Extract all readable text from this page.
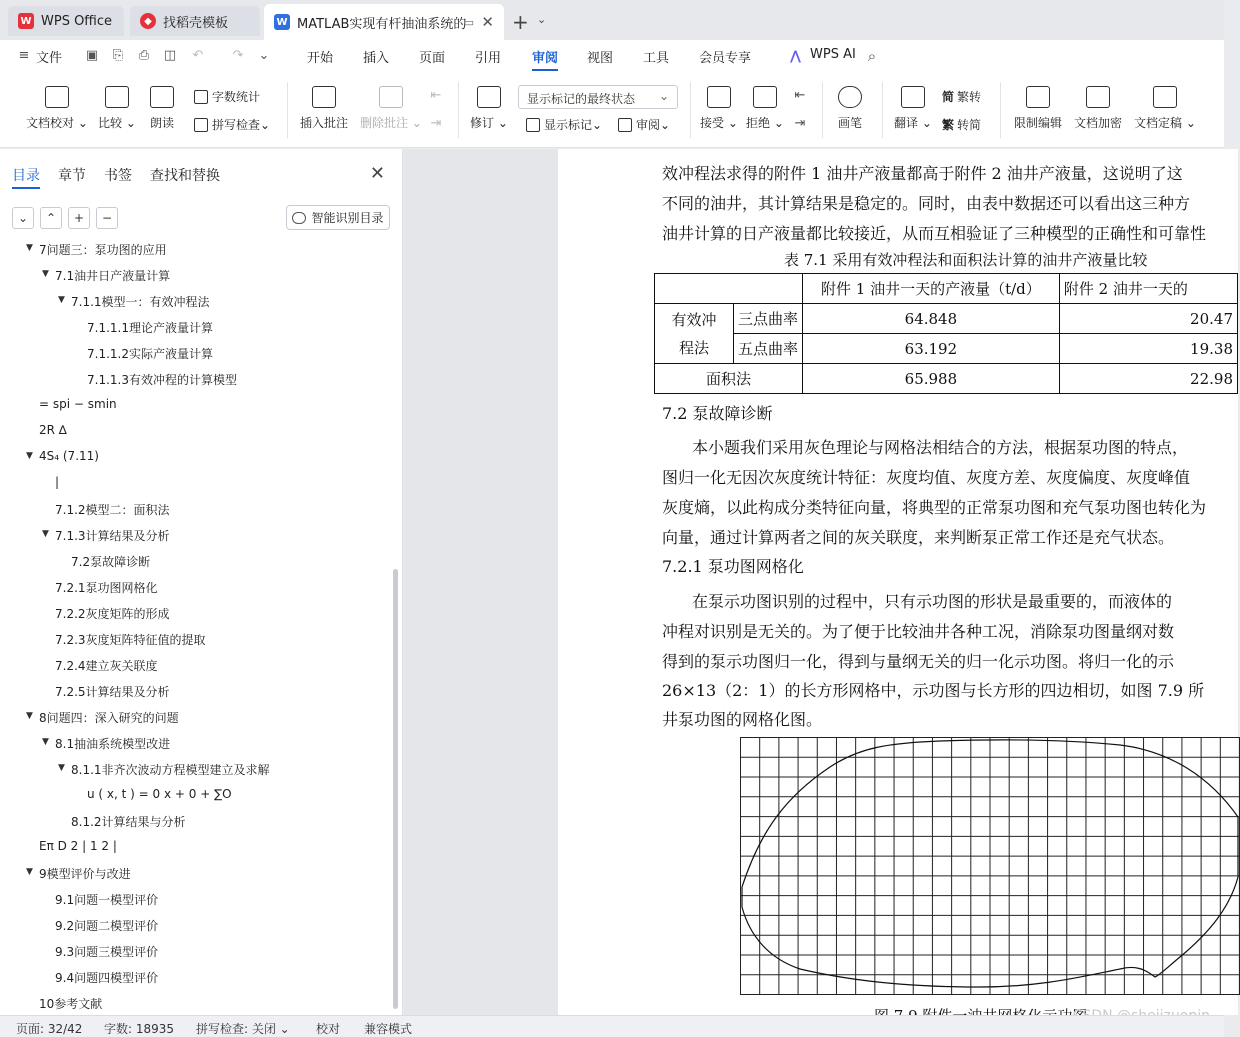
W WPS Office	◆ 找稻壳模板	W MATLAB实现有杆抽油系统的
▭ ✕ + ⌄
≡ 文件 ▣ ⎘ ⎙ ◫ ↶ ↷ ⌄	开始 插入 页面 引用 审阅 视图 工具 会员专享	⋀ WPS AI ⌕
文档校对 ⌄ 比较 ⌄ 朗读
字数统计
拼写检查 ⌄ 插入批注 删除批注 ⌄
⇤
⇥ 修订 ⌄
显示标记的最终状态 ⌄
显示标记 ⌄	审阅 ⌄ 接受 ⌄ 拒绝 ⌄
⇤
⇥	画笔	翻译 ⌄
简 繁转
繁 转简	限制编辑 文档加密 文档定稿 ⌄
目录 章节 书签 查找和替换	✕
⌄	⌃	+	−	智能识别目录
▼ 7问题三：泵功图的应用
▼ 7.1油井日产液量计算
▼ 7.1.1模型一：有效冲程法
7.1.1.1理论产液量计算
7.1.1.2实际产液量计算
7.1.1.3有效冲程的计算模型
= spi − smin
2R ∆
▼ 4S₄ (7.11)
|
7.1.2模型二：面积法
▼ 7.1.3计算结果及分析
7.2泵故障诊断
7.2.1泵功图网格化
7.2.2灰度矩阵的形成
7.2.3灰度矩阵特征值的提取
7.2.4建立灰关联度
7.2.5计算结果及分析
▼ 8问题四：深入研究的问题
▼ 8.1抽油系统模型改进
▼ 8.1.1非齐次波动方程模型建立及求解
u ( x, t ) = 0 x + 0 + ∑O
8.1.2计算结果与分析
Eπ D 2 | 1 2 |
▼ 9模型评价与改进
9.1问题一模型评价
9.2问题二模型评价
9.3问题三模型评价
9.4问题四模型评价
10参考文献
效冲程法求得的附件 1 油井产液量都高于附件 2 油井产液量，这说明了这
不同的油井，其计算结果是稳定的。同时，由表中数据还可以看出这三种方
油井计算的日产液量都比较接近，从而互相验证了三种模型的正确性和可靠性
表 7.1 采用有效冲程法和面积法计算的油井产液量比较
		附件 1 油井一天的产液量（t/d）	附件 2 油井一天的
有效冲
程法	三点曲率	64.848	20.47
	五点曲率	63.192	19.38
面积法		65.988	22.98
7.2 泵故障诊断
本小题我们采用灰色理论与网格法相结合的方法，根据泵功图的特点，
图归一化无因次灰度统计特征：灰度均值、灰度方差、灰度偏度、灰度峰值
灰度熵，以此构成分类特征向量，将典型的正常泵功图和充气泵功图也转化为
向量，通过计算两者之间的灰关联度，来判断泵正常工作还是充气状态。
7.2.1 泵功图网格化
在泵示功图识别的过程中，只有示功图的形状是最重要的，而液体的
冲程对识别是无关的。为了便于比较油井各种工况，消除泵功图量纲对数
得到的泵示功图归一化，得到与量纲无关的归一化示功图。将归一化的示
26×13（2：1）的长方形网格中，示功图与长方形的四边相切，如图 7.9 所
井泵功图的网格化图。
页面: 32/42 字数: 18935 拼写检查: 关闭 ⌄ 校对 兼容模式
